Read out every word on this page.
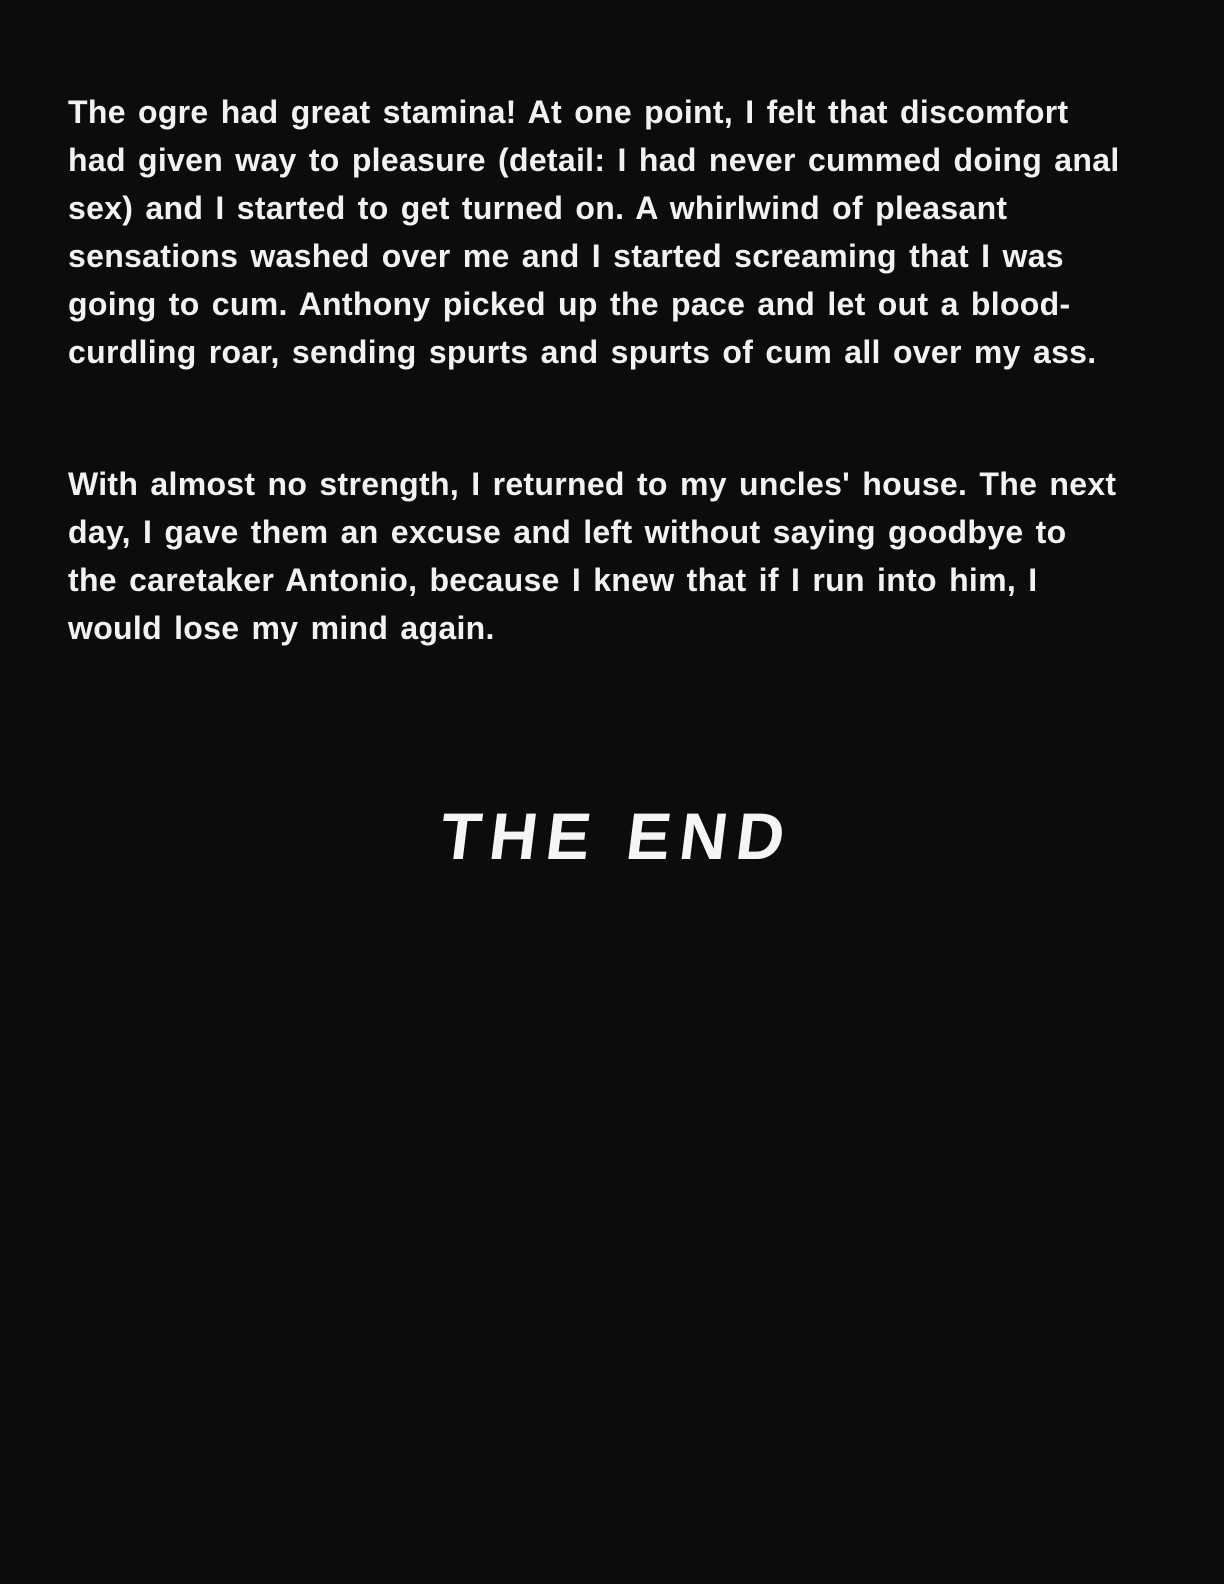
The ogre had great stamina! At one point, I felt that discomfort
had given way to pleasure (detail: I had never cummed doing anal
sex) and I started to get turned on. A whirlwind of pleasant
sensations washed over me and I started screaming that I was
going to cum. Anthony picked up the pace and let out a blood-
curdling roar, sending spurts and spurts of cum all over my ass.
With almost no strength, I returned to my uncles' house. The next
day, I gave them an excuse and left without saying goodbye to
the caretaker Antonio, because I knew that if I run into him, I
would lose my mind again.
THE END
